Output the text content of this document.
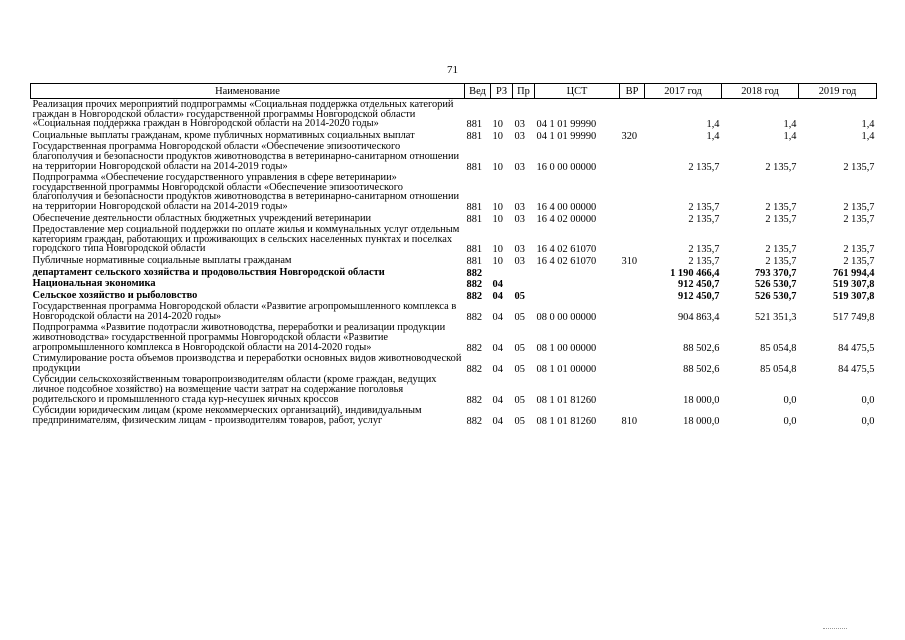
71
Наименование	Вед	РЗ	Пр	ЦСТ	ВР	2017 год	2018 год	2019 год
Реализация прочих мероприятий подпрограммы «Социальная поддержка отдельных категорий граждан в Новгородской области» государственной программы Новгородской области «Социальная поддержка граждан в Новгородской области на 2014-2020 годы»	881	10	03	04 1 01 99990		1,4	1,4	1,4
Социальные выплаты гражданам, кроме публичных нормативных социальных выплат	881	10	03	04 1 01 99990	320	1,4	1,4	1,4
Государственная программа Новгородской области «Обеспечение эпизоотического благополучия и безопасности продуктов животноводства в ветеринарно-санитарном отношении на территории Новгородской области на 2014-2019 годы»	881	10	03	16 0 00 00000		2 135,7	2 135,7	2 135,7
Подпрограмма «Обеспечение государственного управления в сфере ветеринарии» государственной программы Новгородской области «Обеспечение эпизоотического благополучия и безопасности продуктов животноводства в ветеринарно-санитарном отношении на территории Новгородской области на 2014-2019 годы»	881	10	03	16 4 00 00000		2 135,7	2 135,7	2 135,7
Обеспечение деятельности областных бюджетных учреждений ветеринарии	881	10	03	16 4 02 00000		2 135,7	2 135,7	2 135,7
Предоставление мер социальной поддержки по оплате жилья и коммунальных услуг отдельным категориям граждан, работающих и проживающих в сельских населенных пунктах и поселках городского типа Новгородской области	881	10	03	16 4 02 61070		2 135,7	2 135,7	2 135,7
Публичные нормативные социальные выплаты гражданам	881	10	03	16 4 02 61070	310	2 135,7	2 135,7	2 135,7
департамент сельского хозяйства и продовольствия Новгородской области	882					1 190 466,4	793 370,7	761 994,4
Национальная экономика	882	04				912 450,7	526 530,7	519 307,8
Сельское хозяйство и рыболовство	882	04	05			912 450,7	526 530,7	519 307,8
Государственная программа Новгородской области «Развитие агропромышленного комплекса в Новгородской области на 2014-2020 годы»	882	04	05	08 0 00 00000		904 863,4	521 351,3	517 749,8
Подпрограмма «Развитие подотрасли животноводства, переработки и реализации продукции животноводства» государственной программы Новгородской области «Развитие агропромышленного комплекса в Новгородской области на 2014-2020 годы»	882	04	05	08 1 00 00000		88 502,6	85 054,8	84 475,5
Стимулирование роста объемов производства и переработки основных видов животноводческой продукции	882	04	05	08 1 01 00000		88 502,6	85 054,8	84 475,5
Субсидии сельскохозяйственным товаропроизводителям области (кроме граждан, ведущих личное подсобное хозяйство) на возмещение части затрат на содержание поголовья родительского и промышленного стада кур-несушек яичных кроссов	882	04	05	08 1 01 81260		18 000,0	0,0	0,0
Субсидии юридическим лицам (кроме некоммерческих организаций), индивидуальным предпринимателям, физическим лицам - производителям товаров, работ, услуг	882	04	05	08 1 01 81260	810	18 000,0	0,0	0,0
